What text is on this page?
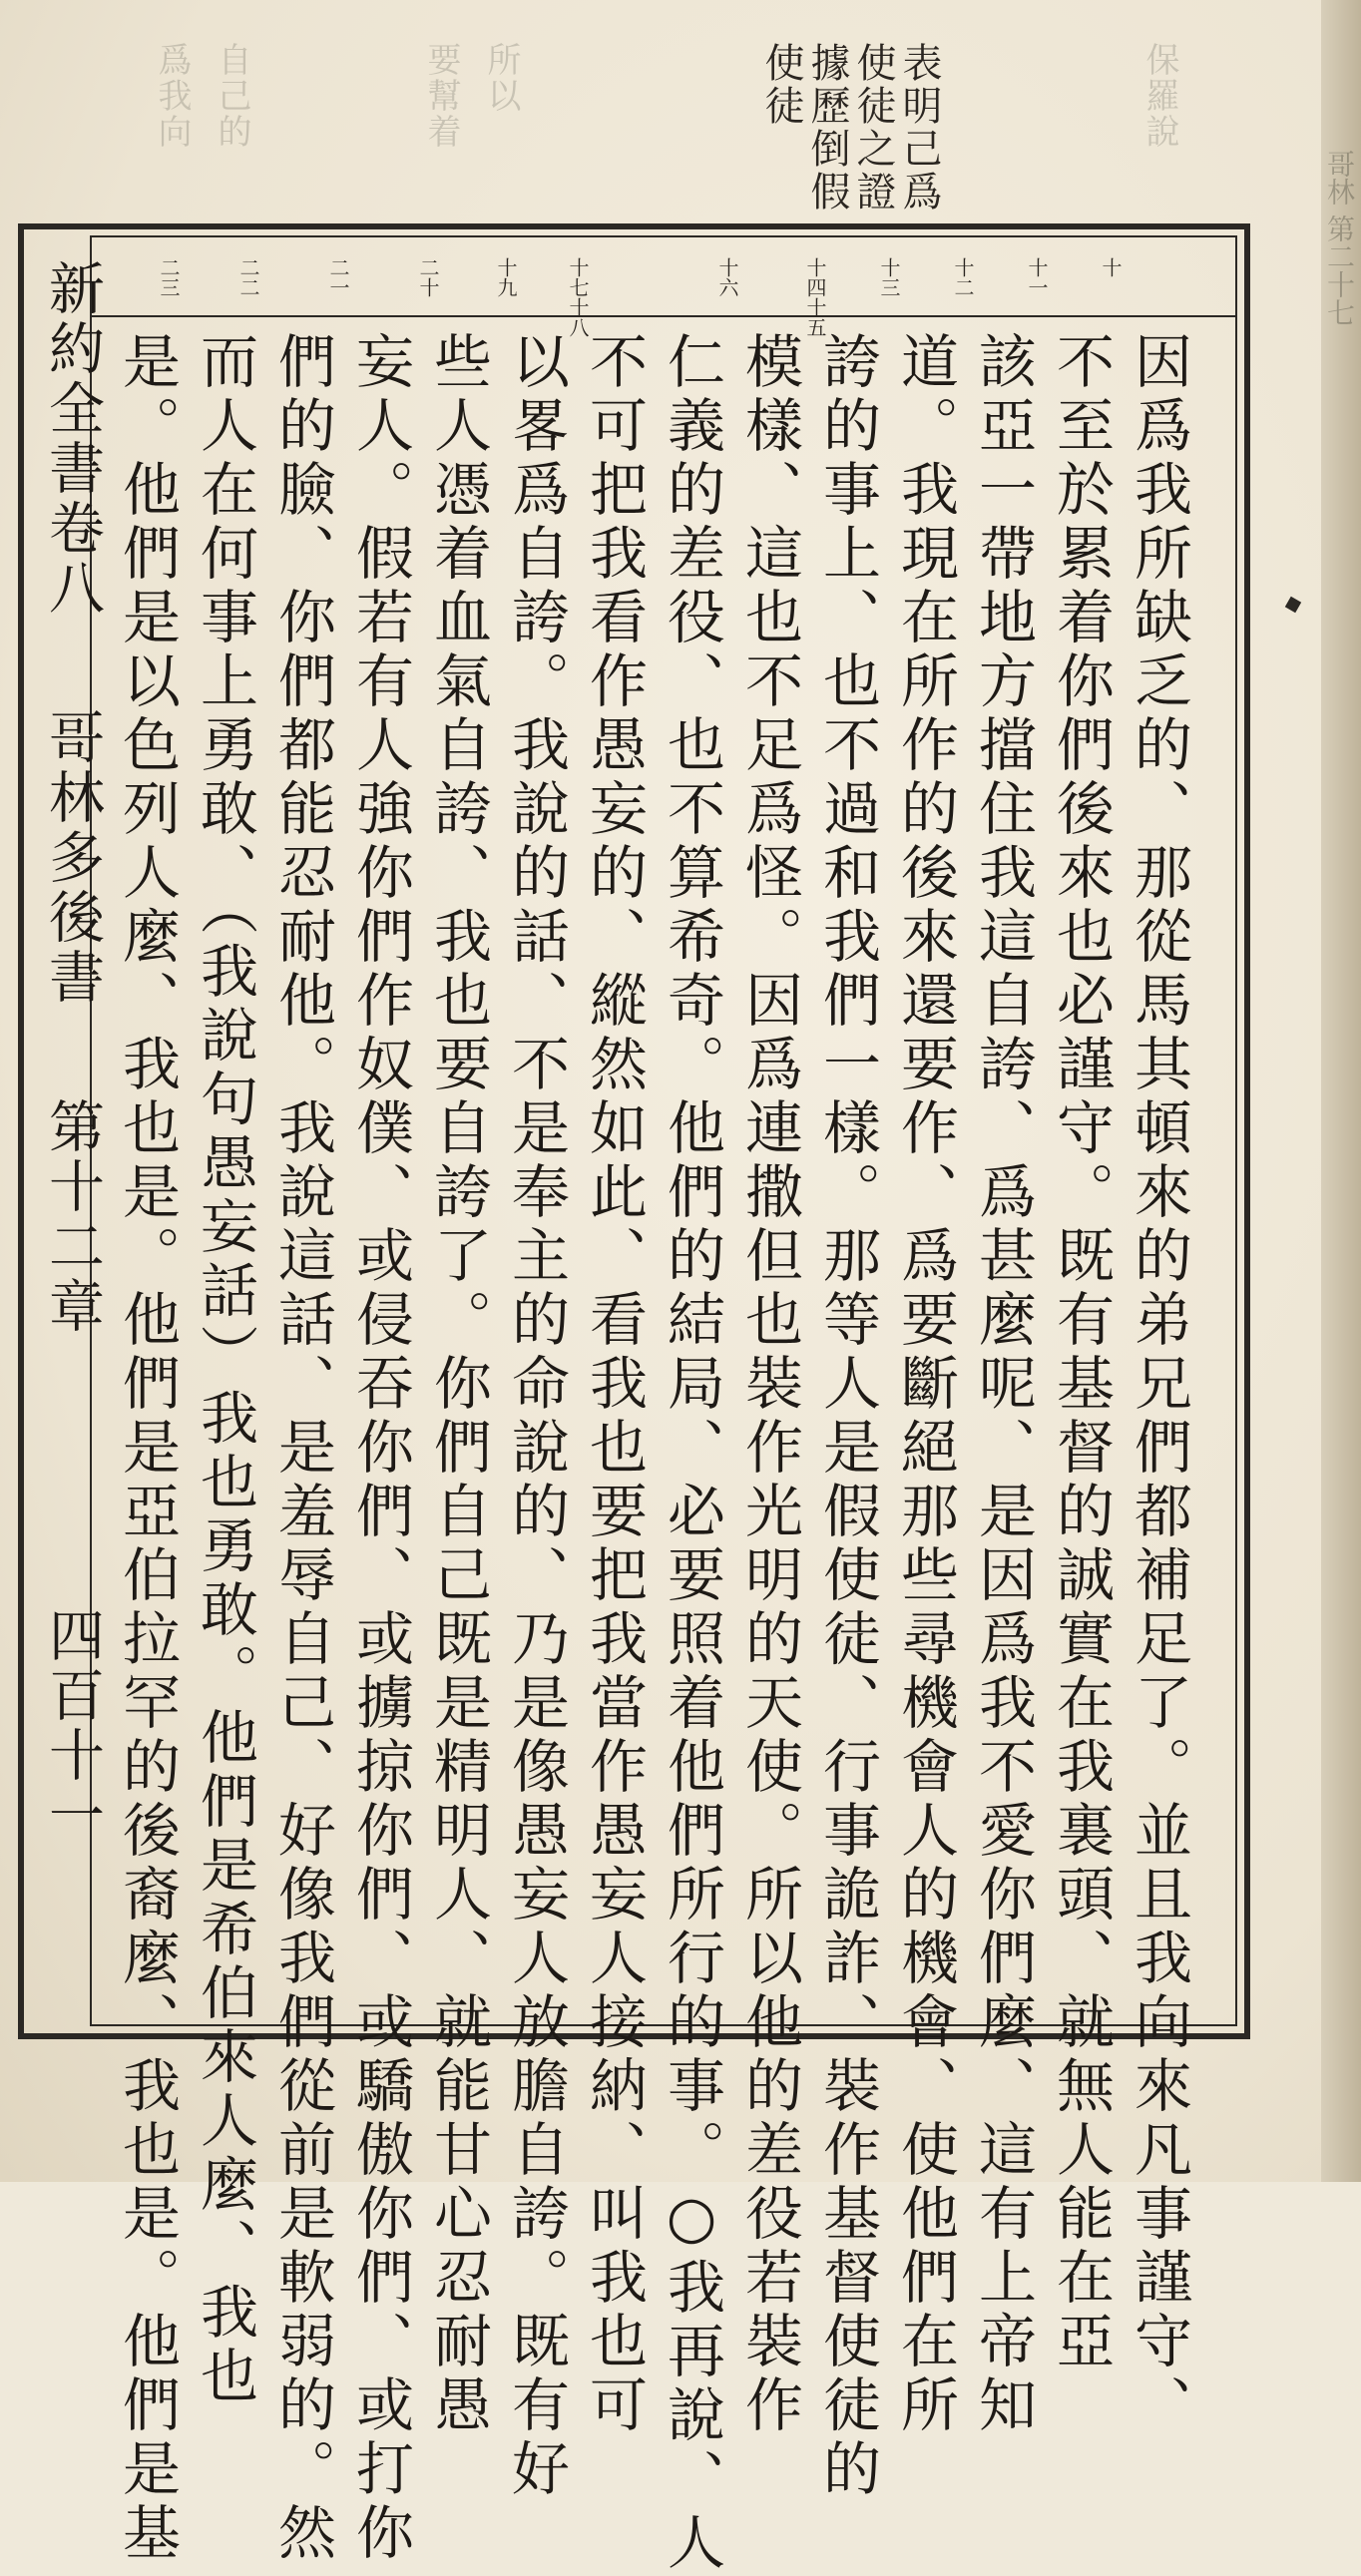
爲我向 自己的	要幫着 所以	保羅說
哥林 第二十七
表明己爲
使徒之證
據歷倒假
使徒
新約全書卷八
哥林多後書
第十二章
四百十一
十
十一
十二
十三
十四十五
十六
十七十八
十九
二十
二一
二二
二三
因爲我所缺乏的、那從馬其頓來的弟兄們都補足了。並且我向來凡事謹守、
不至於累着你們後來也必謹守。既有基督的誠實在我裏頭、就無人能在亞
該亞一帶地方擋住我這自誇、爲甚麼呢、是因爲我不愛你們麼、這有上帝知
道。我現在所作的後來還要作、爲要斷絕那些尋機會人的機會、使他們在所
誇的事上、也不過和我們一樣。那等人是假使徒、行事詭詐、裝作基督使徒的
模樣、這也不足爲怪。因爲連撒但也裝作光明的天使。所以他的差役若裝作
仁義的差役、也不算希奇。他們的結局、必要照着他們所行的事。○我再說、人
不可把我看作愚妄的、縱然如此、看我也要把我當作愚妄人接納、叫我也可
以畧爲自誇。我說的話、不是奉主的命說的、乃是像愚妄人放膽自誇。既有好
些人憑着血氣自誇、我也要自誇了。你們自己既是精明人、就能甘心忍耐愚
妄人。假若有人強你們作奴僕、或侵吞你們、或擄掠你們、或驕傲你們、或打你
們的臉、你們都能忍耐他。我說這話、是羞辱自己、好像我們從前是軟弱的。然
而人在何事上勇敢、（我說句愚妄話）我也勇敢。他們是希伯來人麼、我也
是。他們是以色列人麼、我也是。他們是亞伯拉罕的後裔麼、我也是。他們是基
